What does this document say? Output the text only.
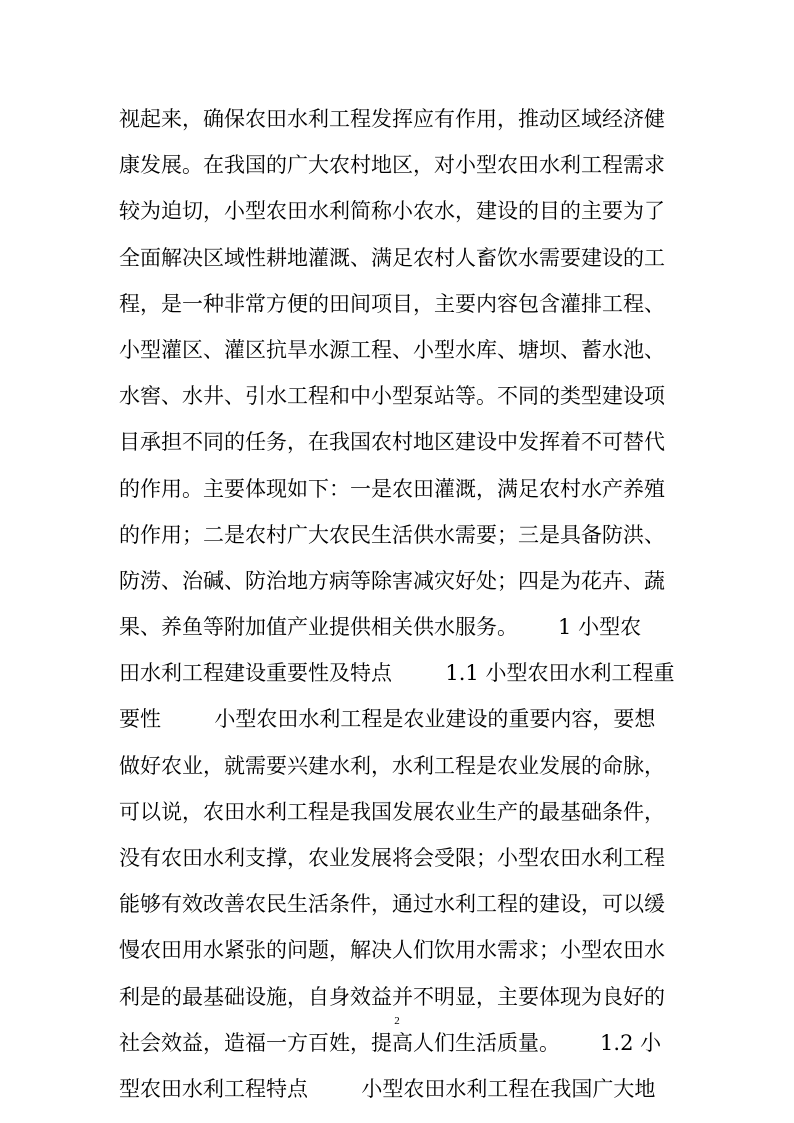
视起来，确保农田水利工程发挥应有作用，推动区域经济健
康发展。在我国的广大农村地区，对小型农田水利工程需求
较为迫切，小型农田水利简称小农水，建设的目的主要为了
全面解决区域性耕地灌溉、满足农村人畜饮水需要建设的工
程，是一种非常方便的田间项目，主要内容包含灌排工程、
小型灌区、灌区抗旱水源工程、小型水库、塘坝、蓄水池、
水窖、水井、引水工程和中小型泵站等。不同的类型建设项
目承担不同的任务，在我国农村地区建设中发挥着不可替代
的作用。主要体现如下：一是农田灌溉，满足农村水产养殖
的作用；二是农村广大农民生活供水需要；三是具备防洪、
防涝、治碱、防治地方病等除害减灾好处；四是为花卉、蔬
果、养鱼等附加值产业提供相关供水服务。      1 小型农
田水利工程建设重要性及特点        1.1 小型农田水利工程重
要性        小型农田水利工程是农业建设的重要内容，要想
做好农业，就需要兴建水利，水利工程是农业发展的命脉，
可以说，农田水利工程是我国发展农业生产的最基础条件，
没有农田水利支撑，农业发展将会受限；小型农田水利工程
能够有效改善农民生活条件，通过水利工程的建设，可以缓
慢农田用水紧张的问题，解决人们饮用水需求；小型农田水
利是的最基础设施，自身效益并不明显，主要体现为良好的
社会效益，造福一方百姓，提高人们生活质量。      1.2 小
型农田水利工程特点        小型农田水利工程在我国广大地
2
